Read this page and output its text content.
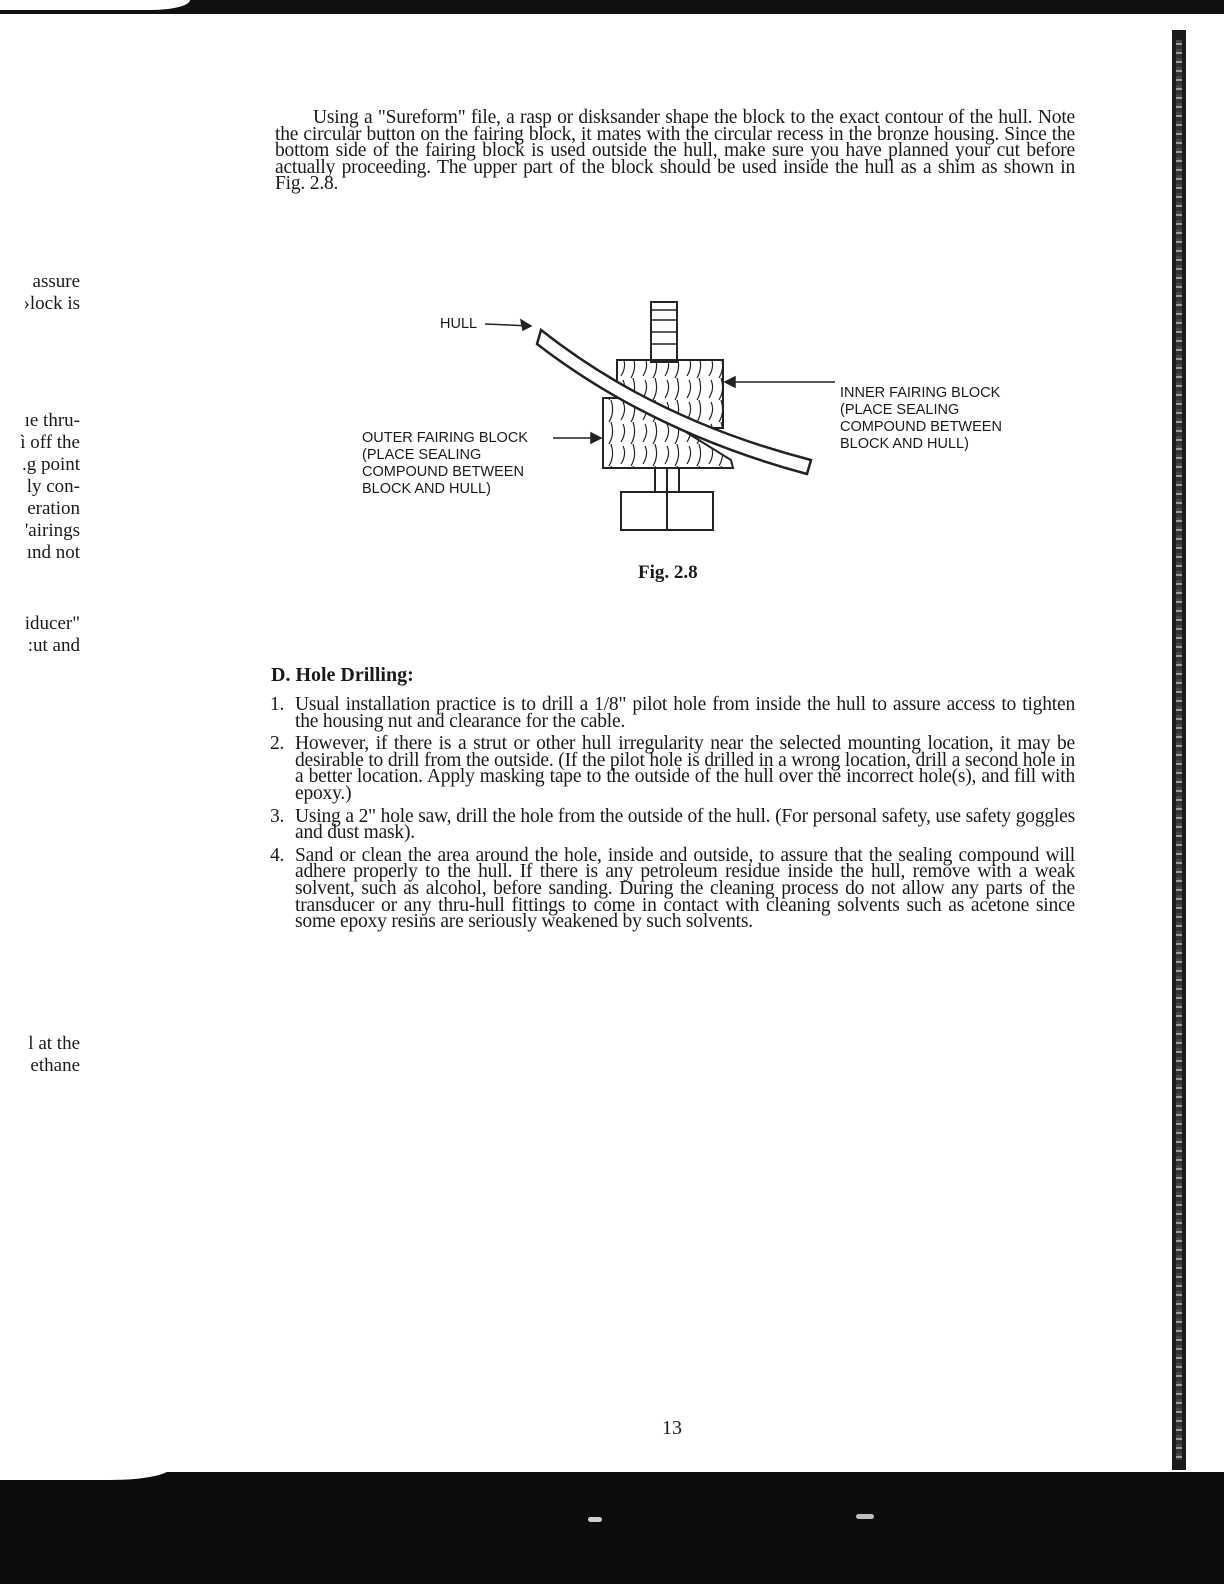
assure
›lock is
ıe thru-
ì off the
.g point
ly con-
eration
'airings
ınd not
iducer"
:ut and
l at the
ethane

Using a "Sureform" file, a rasp or disksander shape the block to the exact contour of the hull. Note the circular button on the fairing block, it mates with the circular recess in the bronze housing. Since the bottom side of the fairing block is used outside the hull, make sure you have planned your cut before actually proceeding. The upper part of the block should be used inside the hull as a shim as shown in Fig. 2.8.

HULL
INNER FAIRING BLOCK
(PLACE SEALING
COMPOUND BETWEEN
BLOCK AND HULL)
OUTER FAIRING BLOCK
(PLACE SEALING
COMPOUND BETWEEN
BLOCK AND HULL)
Fig. 2.8
D. Hole Drilling:
1. Usual installation practice is to drill a 1/8" pilot hole from inside the hull to assure access to tighten the housing nut and clearance for the cable.
2. However, if there is a strut or other hull irregularity near the selected mounting location, it may be desirable to drill from the outside. (If the pilot hole is drilled in a wrong location, drill a second hole in a better location. Apply masking tape to the outside of the hull over the incorrect hole(s), and fill with epoxy.)
3. Using a 2" hole saw, drill the hole from the outside of the hull. (For personal safety, use safety goggles and dust mask).
4. Sand or clean the area around the hole, inside and outside, to assure that the sealing compound will adhere properly to the hull. If there is any petroleum residue inside the hull, remove with a weak solvent, such as alcohol, before sanding. During the cleaning process do not allow any parts of the transducer or any thru-hull fittings to come in contact with cleaning solvents such as acetone since some epoxy resins are seriously weakened by such solvents.
13
